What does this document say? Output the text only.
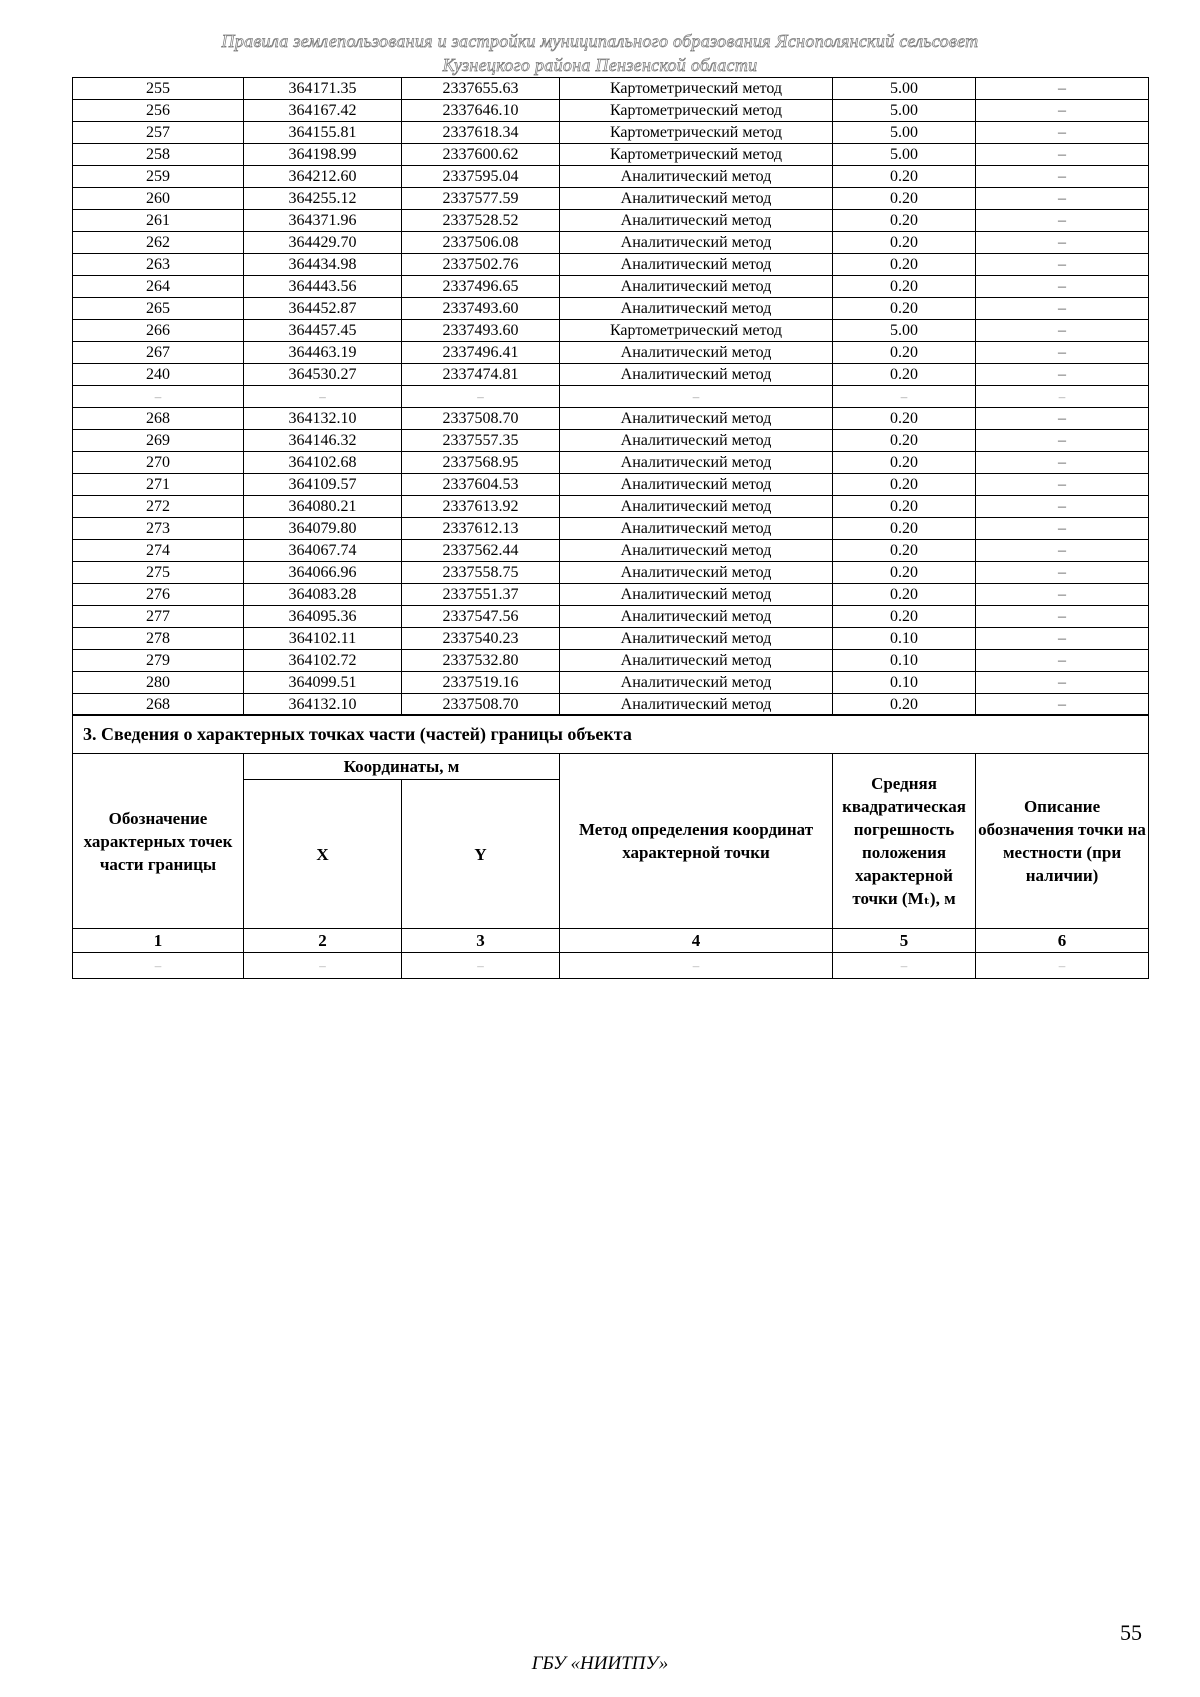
Правила землепользования и застройки муниципального образования Яснополянский сельсовет
Кузнецкого района Пензенской области
255	364171.35	2337655.63	Картометрический метод	5.00	–
256	364167.42	2337646.10	Картометрический метод	5.00	–
257	364155.81	2337618.34	Картометрический метод	5.00	–
258	364198.99	2337600.62	Картометрический метод	5.00	–
259	364212.60	2337595.04	Аналитический метод	0.20	–
260	364255.12	2337577.59	Аналитический метод	0.20	–
261	364371.96	2337528.52	Аналитический метод	0.20	–
262	364429.70	2337506.08	Аналитический метод	0.20	–
263	364434.98	2337502.76	Аналитический метод	0.20	–
264	364443.56	2337496.65	Аналитический метод	0.20	–
265	364452.87	2337493.60	Аналитический метод	0.20	–
266	364457.45	2337493.60	Картометрический метод	5.00	–
267	364463.19	2337496.41	Аналитический метод	0.20	–
240	364530.27	2337474.81	Аналитический метод	0.20	–
–	–	–	–	–	–
268	364132.10	2337508.70	Аналитический метод	0.20	–
269	364146.32	2337557.35	Аналитический метод	0.20	–
270	364102.68	2337568.95	Аналитический метод	0.20	–
271	364109.57	2337604.53	Аналитический метод	0.20	–
272	364080.21	2337613.92	Аналитический метод	0.20	–
273	364079.80	2337612.13	Аналитический метод	0.20	–
274	364067.74	2337562.44	Аналитический метод	0.20	–
275	364066.96	2337558.75	Аналитический метод	0.20	–
276	364083.28	2337551.37	Аналитический метод	0.20	–
277	364095.36	2337547.56	Аналитический метод	0.20	–
278	364102.11	2337540.23	Аналитический метод	0.10	–
279	364102.72	2337532.80	Аналитический метод	0.10	–
280	364099.51	2337519.16	Аналитический метод	0.10	–
268	364132.10	2337508.70	Аналитический метод	0.20	–
3. Сведения о характерных точках части (частей) границы объекта					
Обозначение характерных точек части границы	Координаты, м		Метод определения координат характерной точки	Средняя квадратическая погрешность положения характерной точки (Mₜ), м	Описание обозначения точки на местности (при наличии)
	X	Y			
1	2	3	4	5	6
–	–	–	–	–	–
55
ГБУ «НИИТПУ»
